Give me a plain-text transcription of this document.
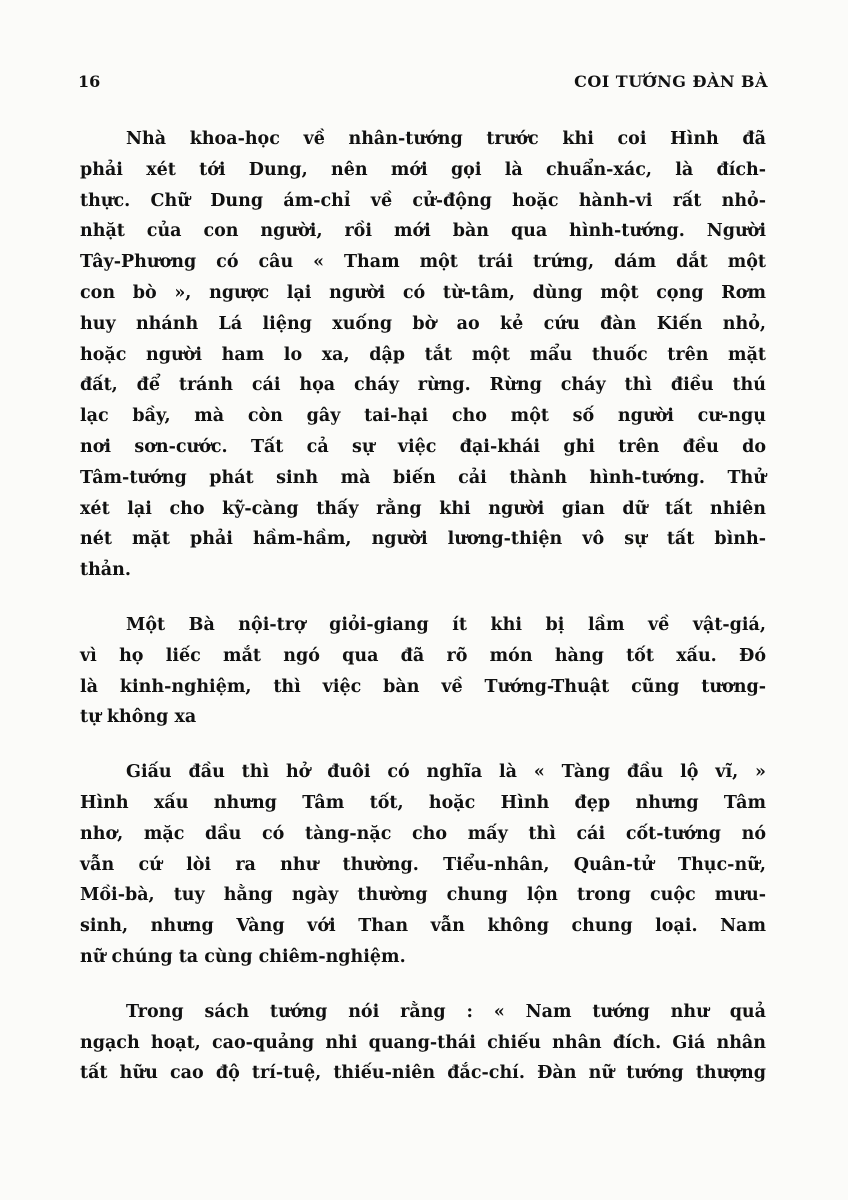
16	COI TƯỚNG ĐÀN BÀ
Nhà khoa-học về nhân-tướng trước khi coi Hình đã
phải xét tới Dung, nên mới gọi là chuẩn-xác, là đích-
thực. Chữ Dung ám-chỉ về cử-động hoặc hành-vi rất nhỏ-
nhặt của con người, rồi mới bàn qua hình-tướng. Người
Tây-Phương có câu « Tham một trái trứng, dám dắt một
con bò », ngược lại người có từ-tâm, dùng một cọng Rơm
huy nhánh Lá liệng xuống bờ ao kẻ cứu đàn Kiến nhỏ,
hoặc người ham lo xa, dập tắt một mẩu thuốc trên mặt
đất, để tránh cái họa cháy rừng. Rừng cháy thì điều thú
lạc bầy, mà còn gây tai-hại cho một số người cư-ngụ
nơi sơn-cước. Tất cả sự việc đại-khái ghi trên đều do
Tâm-tướng phát sinh mà biến cải thành hình-tướng. Thử
xét lại cho kỹ-càng thấy rằng khi người gian dữ tất nhiên
nét mặt phải hầm-hầm, người lương-thiện vô sự tất bình-
thản.
Một Bà nội-trợ giỏi-giang ít khi bị lầm về vật-giá,
vì họ liếc mắt ngó qua đã rõ món hàng tốt xấu. Đó
là kinh-nghiệm, thì việc bàn về Tướng-Thuật cũng tương-
tự không xa
Giấu đầu thì hở đuôi có nghĩa là « Tàng đầu lộ vĩ, »
Hình xấu nhưng Tâm tốt, hoặc Hình đẹp nhưng Tâm
nhơ, mặc dầu có tàng-nặc cho mấy thì cái cốt-tướng nó
vẫn cứ lòi ra như thường. Tiểu-nhân, Quân-tử Thục-nữ,
Mồi-bà, tuy hằng ngày thường chung lộn trong cuộc mưu-
sinh, nhưng Vàng với Than vẫn không chung loại. Nam
nữ chúng ta cùng chiêm-nghiệm.
Trong sách tướng nói rằng : « Nam tướng như quả
ngạch hoạt, cao-quảng nhi quang-thái chiếu nhân đích. Giá nhân
tất hữu cao độ trí-tuệ, thiếu-niên đắc-chí. Đàn nữ tướng thượng
